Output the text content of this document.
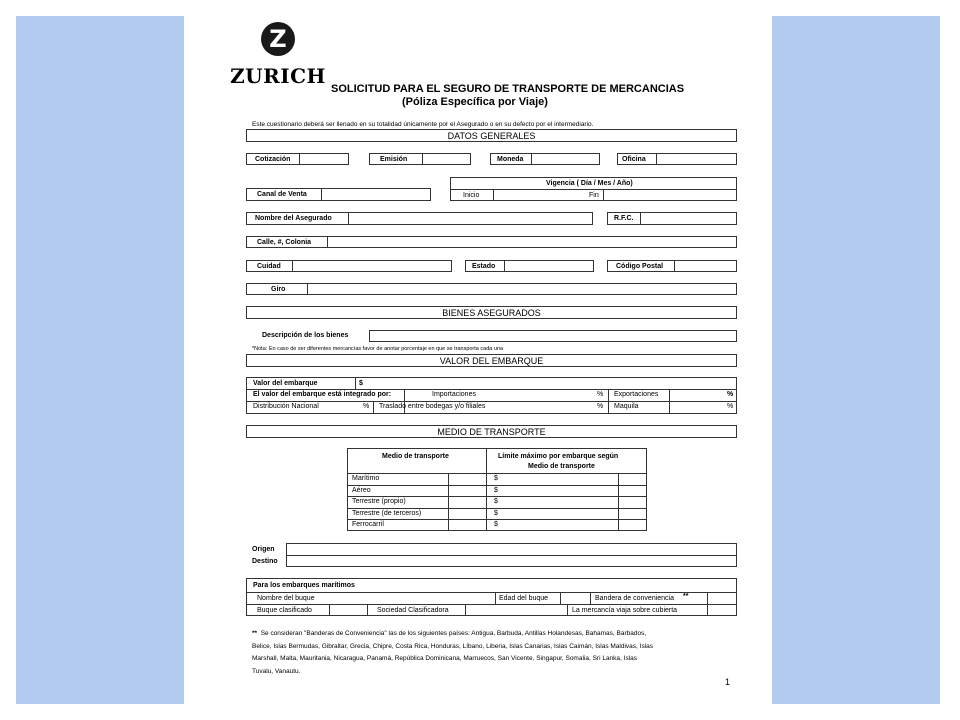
Z
ZURICH
SOLICITUD PARA EL SEGURO DE TRANSPORTE DE MERCANCIAS
(Póliza Específica por Viaje)
Este cuestionario deberá ser llenado en su totalidad únicamente por el Asegurado o en su defecto por el intermediario.
DATOS GENERALES
Cotización	Emisión	Moneda	Oficina
Vigencia ( Día / Mes / Año)
Inicio	Fin
Canal de Venta
Nombre del Asegurado	R.F.C.
Calle, #, Colonia
Cuidad	Estado	Código Postal
Giro
BIENES ASEGURADOS
Descripción de los bienes
*Nota: En caso de ser diferentes mercancías favor de anotar porcentaje en que se transporta cada una
VALOR DEL EMBARQUE
Valor del embarque	$
El valor del embarque está integrado por:	Importaciones	% Exportaciones	%
Distribución Nacional	% Traslado entre bodegas y/o filiales	% Maquila	%
MEDIO DE TRANSPORTE
Medio de transporte	Límite máximo por embarque según
Medio de transporte
Marítimo	$
Aéreo	$
Terrestre (propio)	$
Terrestre (de terceros)	$
Ferrocarril	$
Origen
Destino
Para los embarques marítimos
Nombre del buque	Edad del buque	Bandera de conveniencia **
Buque clasificado	Sociedad Clasificadora	La mercancía viaja sobre cubierta
** Se consideran "Banderas de Conveniencia" las de los siguientes países: Antigua, Barbuda, Antillas Holandesas, Bahamas, Barbados,
Belice, Islas Bermudas, Gibraltar, Grecia, Chipre, Costa Rica, Honduras, Líbano, Liberia, Islas Canarias, Islas Caimán, Islas Maldivas, Islas
Marshall, Malta, Mauritania, Nicaragua, Panamá, República Dominicana, Marruecos, San Vicente, Singapur, Somalia, Sri Lanka, Islas
Tuvalu, Vanautu.
1
